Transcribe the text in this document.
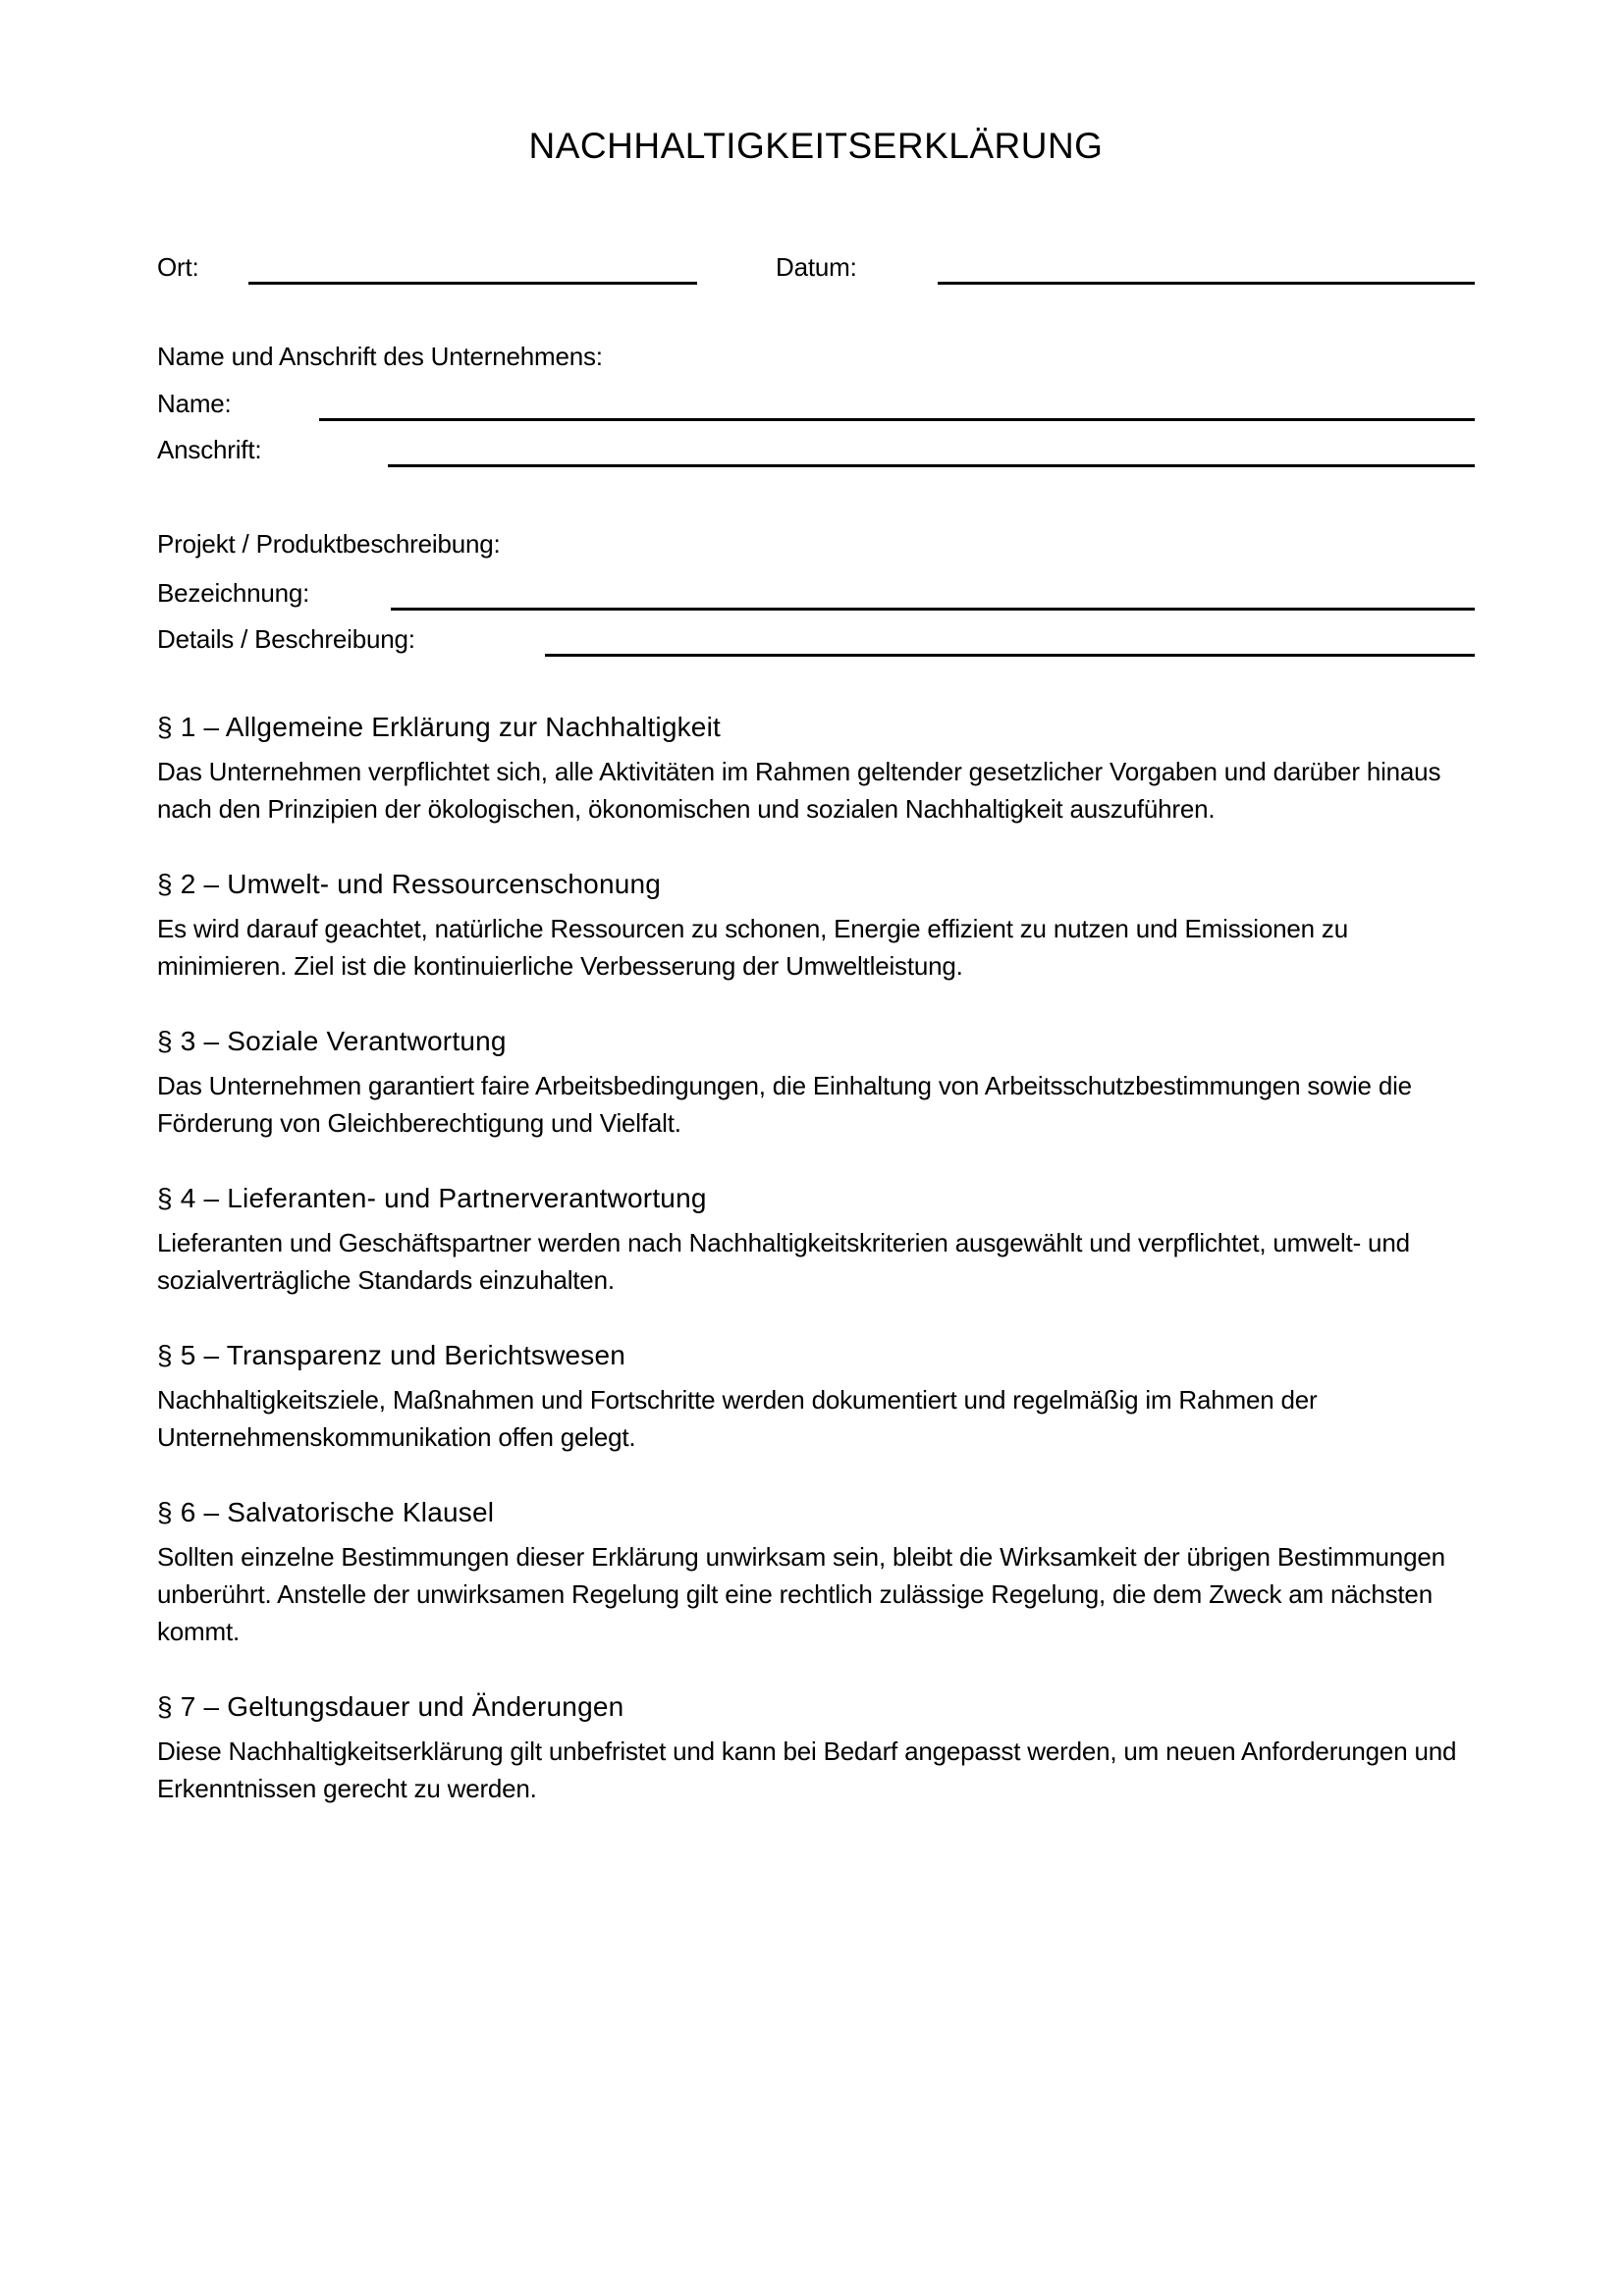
NACHHALTIGKEITSERKLÄRUNG
Ort:	Datum:
Name und Anschrift des Unternehmens:
Name:
Anschrift:
Projekt / Produktbeschreibung:
Bezeichnung:
Details / Beschreibung:
§ 1 – Allgemeine Erklärung zur Nachhaltigkeit

Das Unternehmen verpflichtet sich, alle Aktivitäten im Rahmen geltender gesetzlicher Vorgaben und darüber hinaus nach den Prinzipien der ökologischen, ökonomischen und sozialen Nachhaltigkeit auszuführen.

§ 2 – Umwelt- und Ressourcenschonung

Es wird darauf geachtet, natürliche Ressourcen zu schonen, Energie effizient zu nutzen und Emissionen zu minimieren. Ziel ist die kontinuierliche Verbesserung der Umweltleistung.

§ 3 – Soziale Verantwortung

Das Unternehmen garantiert faire Arbeitsbedingungen, die Einhaltung von Arbeitsschutzbestimmungen sowie die Förderung von Gleichberechtigung und Vielfalt.

§ 4 – Lieferanten- und Partnerverantwortung

Lieferanten und Geschäftspartner werden nach Nachhaltigkeitskriterien ausgewählt und verpflichtet, umwelt- und sozialverträgliche Standards einzuhalten.

§ 5 – Transparenz und Berichtswesen

Nachhaltigkeitsziele, Maßnahmen und Fortschritte werden dokumentiert und regelmäßig im Rahmen der Unternehmenskommunikation offen gelegt.

§ 6 – Salvatorische Klausel

Sollten einzelne Bestimmungen dieser Erklärung unwirksam sein, bleibt die Wirksamkeit der übrigen Bestimmungen unberührt. Anstelle der unwirksamen Regelung gilt eine rechtlich zulässige Regelung, die dem Zweck am nächsten kommt.

§ 7 – Geltungsdauer und Änderungen

Diese Nachhaltigkeitserklärung gilt unbefristet und kann bei Bedarf angepasst werden, um neuen Anforderungen und Erkenntnissen gerecht zu werden.
